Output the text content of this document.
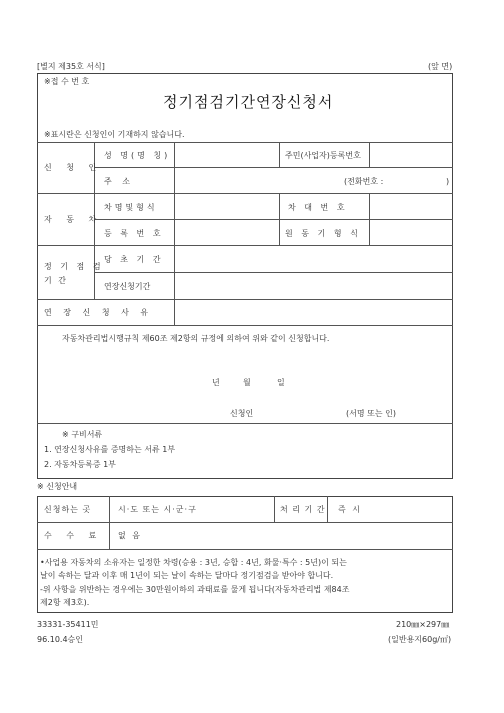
[별지 제35호 서식]	(앞 면)
※접 수 번 호
정기점검기간연장신청서
※표시란은 신청인이 기재하지 않습니다.
신 청 인
성 명(명 칭)	주민(사업자)등록번호
주 소	(전화번호 :	)
자 동 차
차명및형식	차 대 번 호
등 록 번 호	원 동 기 형 식
정 기 점 검
기 간
당 초 기 간
연장신청기간
연 장 신 청 사 유
자동차관리법시행규칙 제60조 제2항의 규정에 의하여 위와 같이 신청합니다.
년	월	일
신청인	(서명 또는 인)
※ 구비서류
1. 연장신청사유를 증명하는 서류 1부
2. 자동차등록증 1부
※ 신청안내
신청하는 곳	시·도 또는 시·군·구	처 리 기 간 즉 시
수 수 료 없 음
•사업용 자동차의 소유자는 일정한 차령(승용 : 3년, 승합 : 4년, 화물·특수 : 5년)이 되는
날이 속하는 달과 이후 매 1년이 되는 날이 속하는 달마다 정기점검을 받아야 합니다.
-위 사항을 위반하는 경우에는 30만원이하의 과태료를 물게 됩니다(자동차관리법 제84조
제2항 제3호).
33331-35411민
96.10.4승인
210㎜×297㎜
(일반용지60g/㎡)
